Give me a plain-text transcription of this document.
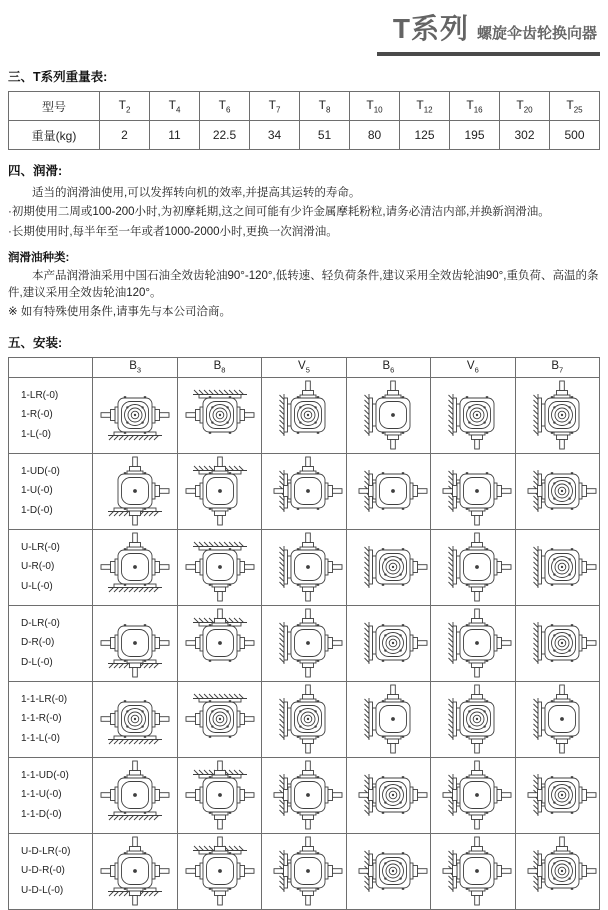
T系列 螺旋伞齿轮换向器
三、T系列重量表:
型号	$T_2$	$T_4$	$T_6$	$T_7$	$T_8$	$T_{10}$	$T_{12}$	$T_{16}$	$T_{20}$	$T_{25}$
重量(kg)	2	11	22.5	34	51	80	125	195	302	500
四、润滑:

适当的润滑油使用,可以发挥转向机的效率,并提高其运转的寿命。

·初期使用二周或100-200小时,为初摩耗期,这之间可能有少许金属摩耗粉粒,请务必清洁内部,并换新润滑油。

·长期使用时,每半年至一年或者1000-2000小时,更换一次润滑油。

润滑油种类:

本产品润滑油采用中国石油全效齿轮油90°-120°,低转速、轻负荷条件,建议采用全效齿轮油90°,重负荷、高温的条件,建议采用全效齿轮油120°。

※ 如有特殊使用条件,请事先与本公司洽商。

五、安装:
	$B_3$	$B_8$	$V_5$	$B_6$	$V_6$	$B_7$
1-LR(-0)
1-R(-0)
1-L(-0)	

1-UD(-0)
1-U(-0)
1-D(-0)	

U-LR(-0)
U-R(-0)
U-L(-0)	

D-LR(-0)
D-R(-0)
D-L(-0)	

1-1-LR(-0)
1-1-R(-0)
1-1-L(-0)	

1-1-UD(-0)
1-1-U(-0)
1-1-D(-0)	

U-D-LR(-0)
U-D-R(-0)
U-D-L(-0)	
